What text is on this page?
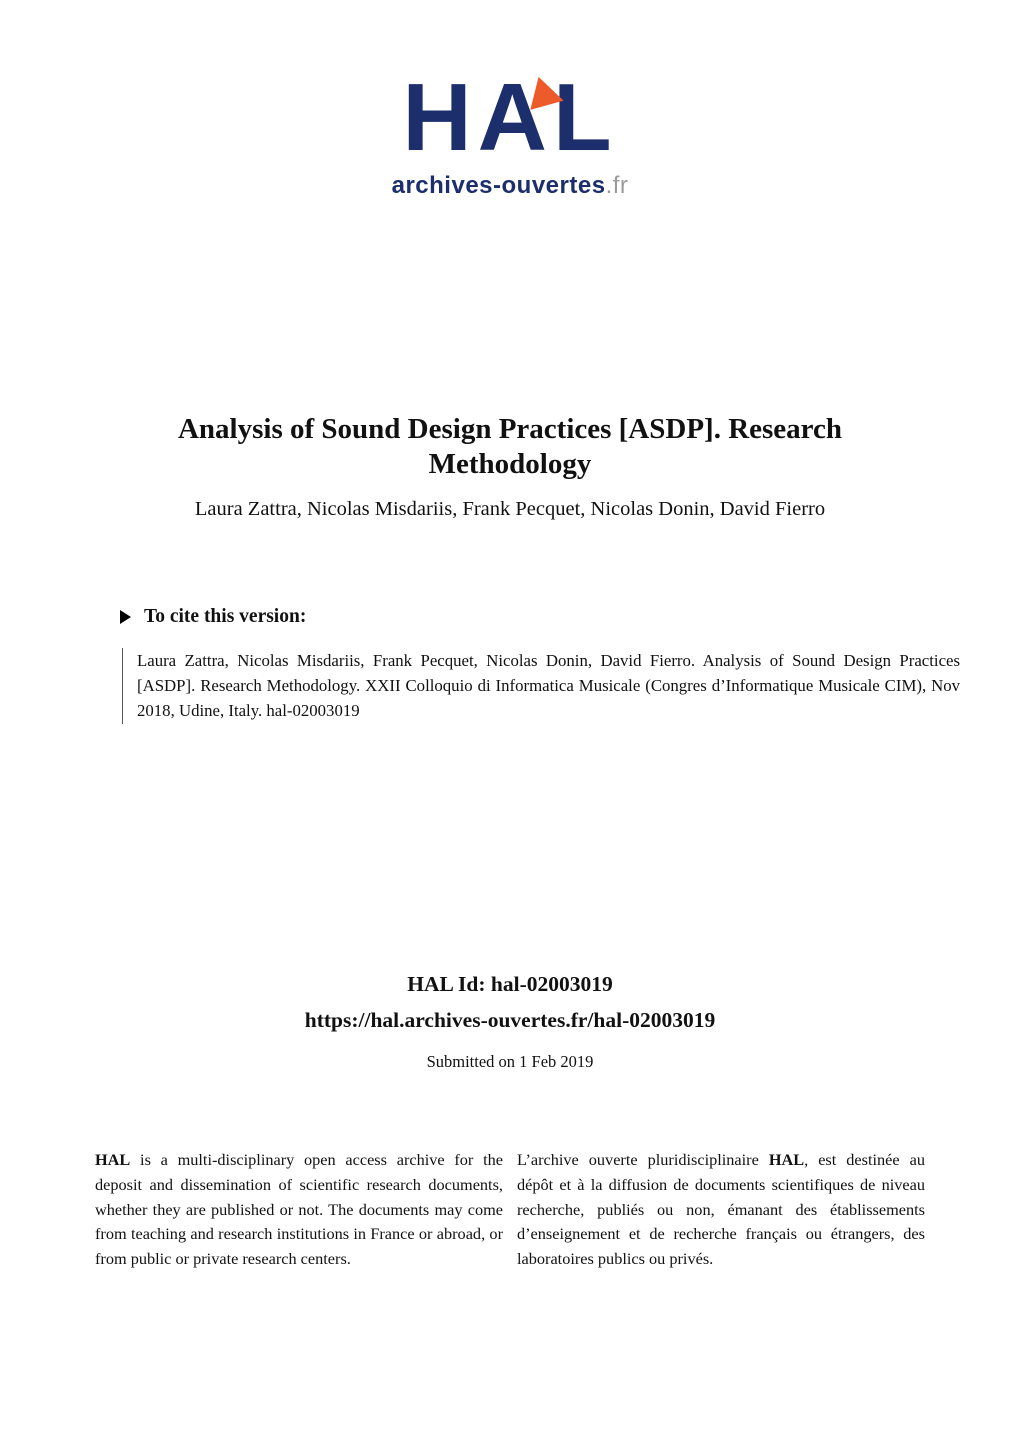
HAL
archives-ouvertes.fr
Analysis of Sound Design Practices [ASDP]. Research Methodology
Laura Zattra, Nicolas Misdariis, Frank Pecquet, Nicolas Donin, David Fierro
To cite this version:
Laura Zattra, Nicolas Misdariis, Frank Pecquet, Nicolas Donin, David Fierro. Analysis of Sound Design Practices [ASDP]. Research Methodology. XXII Colloquio di Informatica Musicale (Congres d’Informatique Musicale CIM), Nov 2018, Udine, Italy. hal-02003019
HAL Id: hal-02003019
https://hal.archives-ouvertes.fr/hal-02003019
Submitted on 1 Feb 2019
HAL is a multi-disciplinary open access archive for the deposit and dissemination of scientific research documents, whether they are published or not. The documents may come from teaching and research institutions in France or abroad, or from public or private research centers.
L’archive ouverte pluridisciplinaire HAL, est destinée au dépôt et à la diffusion de documents scientifiques de niveau recherche, publiés ou non, émanant des établissements d’enseignement et de recherche français ou étrangers, des laboratoires publics ou privés.
